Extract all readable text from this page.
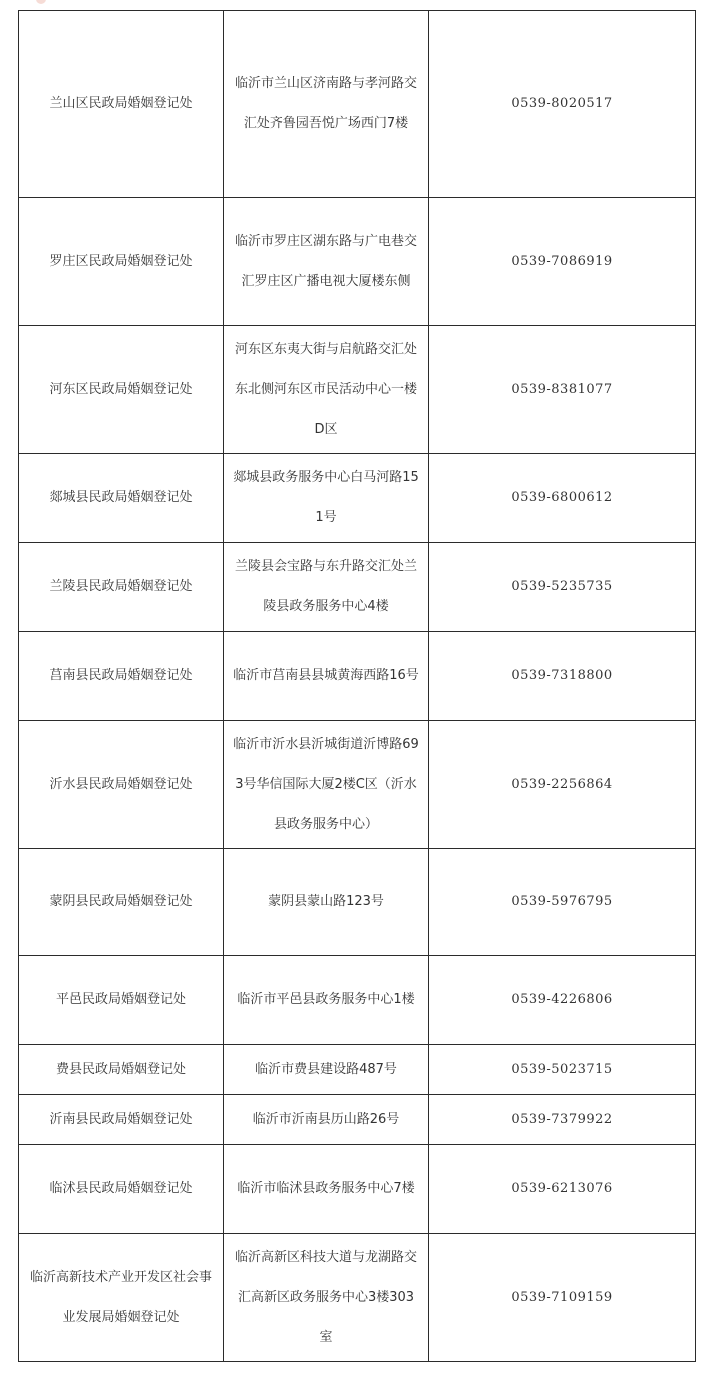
兰山区民政局婚姻登记处	临沂市兰山区济南路与孝河路交汇处齐鲁园吾悦广场西门7楼	0539-8020517
罗庄区民政局婚姻登记处	临沂市罗庄区湖东路与广电巷交汇罗庄区广播电视大厦楼东侧	0539-7086919
河东区民政局婚姻登记处	河东区东夷大街与启航路交汇处东北侧河东区市民活动中心一楼D区	0539-8381077
郯城县民政局婚姻登记处	郯城县政务服务中心白马河路151号	0539-6800612
兰陵县民政局婚姻登记处	兰陵县会宝路与东升路交汇处兰陵县政务服务中心4楼	0539-5235735
莒南县民政局婚姻登记处	临沂市莒南县县城黄海西路16号	0539-7318800
沂水县民政局婚姻登记处	临沂市沂水县沂城街道沂博路693号华信国际大厦2楼C区（沂水县政务服务中心）	0539-2256864
蒙阴县民政局婚姻登记处	蒙阴县蒙山路123号	0539-5976795
平邑民政局婚姻登记处	临沂市平邑县政务服务中心1楼	0539-4226806
费县民政局婚姻登记处	临沂市费县建设路487号	0539-5023715
沂南县民政局婚姻登记处	临沂市沂南县历山路26号	0539-7379922
临沭县民政局婚姻登记处	临沂市临沭县政务服务中心7楼	0539-6213076
临沂高新技术产业开发区社会事业发展局婚姻登记处	临沂高新区科技大道与龙湖路交汇高新区政务服务中心3楼303室	0539-7109159
